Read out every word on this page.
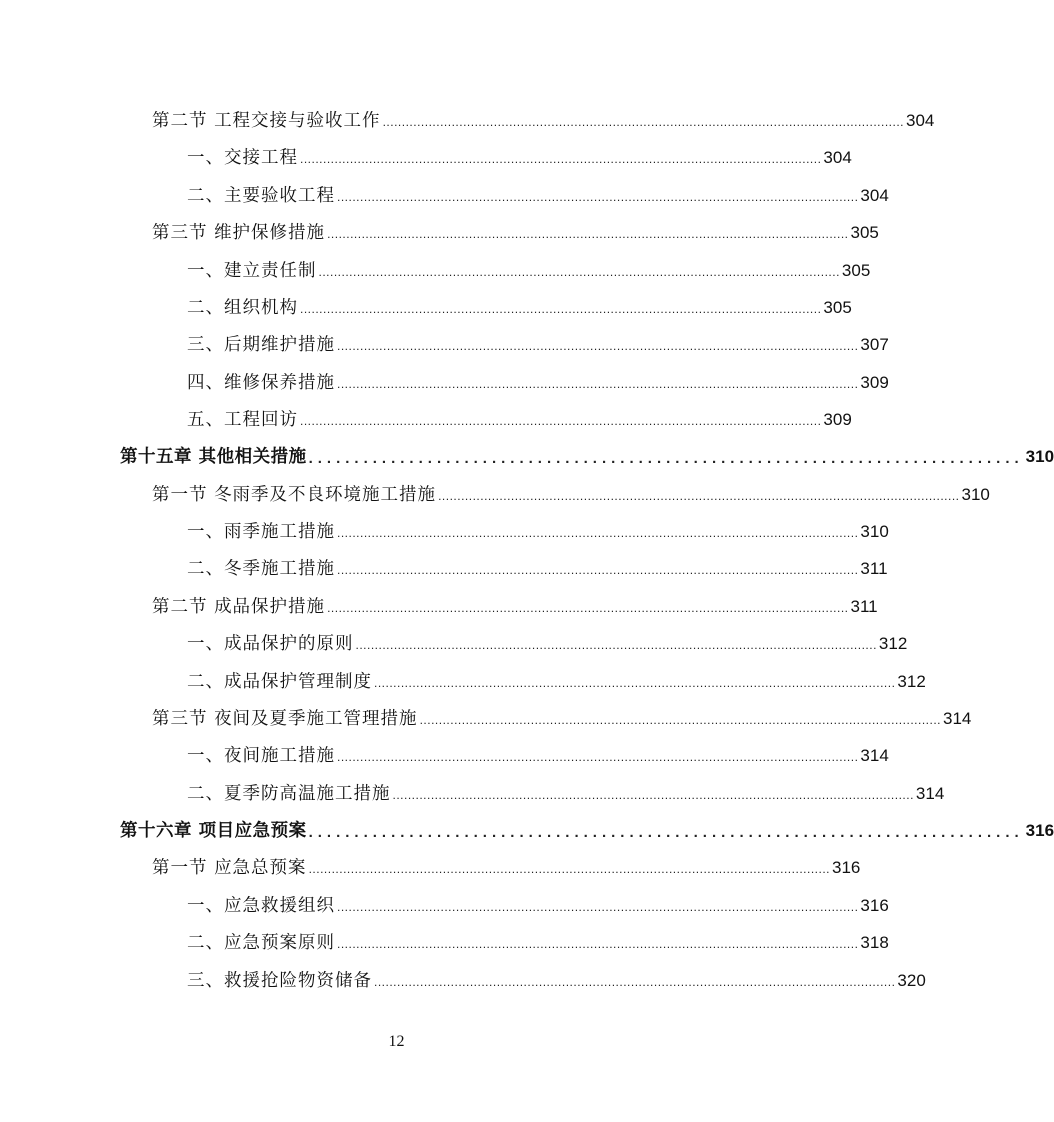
第二节 工程交接与验收工作 ........................................................................................................................................ 304
一、交接工程 ........................................................................................................................................ 304
二、主要验收工程 ........................................................................................................................................ 304
第三节 维护保修措施 ........................................................................................................................................ 305
一、建立责任制 ........................................................................................................................................ 305
二、组织机构 ........................................................................................................................................ 305
三、后期维护措施 ........................................................................................................................................ 307
四、维修保养措施 ........................................................................................................................................ 309
五、工程回访 ........................................................................................................................................ 309
第十五章 其他相关措施 .............................................................................. 310
第一节 冬雨季及不良环境施工措施 ........................................................................................................................................ 310
一、雨季施工措施 ........................................................................................................................................ 310
二、冬季施工措施 ........................................................................................................................................ 311
第二节 成品保护措施 ........................................................................................................................................ 311
一、成品保护的原则 ........................................................................................................................................ 312
二、成品保护管理制度 ........................................................................................................................................ 312
第三节 夜间及夏季施工管理措施 ........................................................................................................................................ 314
一、夜间施工措施 ........................................................................................................................................ 314
二、夏季防高温施工措施 ........................................................................................................................................ 314
第十六章 项目应急预案 .............................................................................. 316
第一节 应急总预案 ........................................................................................................................................ 316
一、应急救援组织 ........................................................................................................................................ 316
二、应急预案原则 ........................................................................................................................................ 318
三、救援抢险物资储备 ........................................................................................................................................ 320
12
